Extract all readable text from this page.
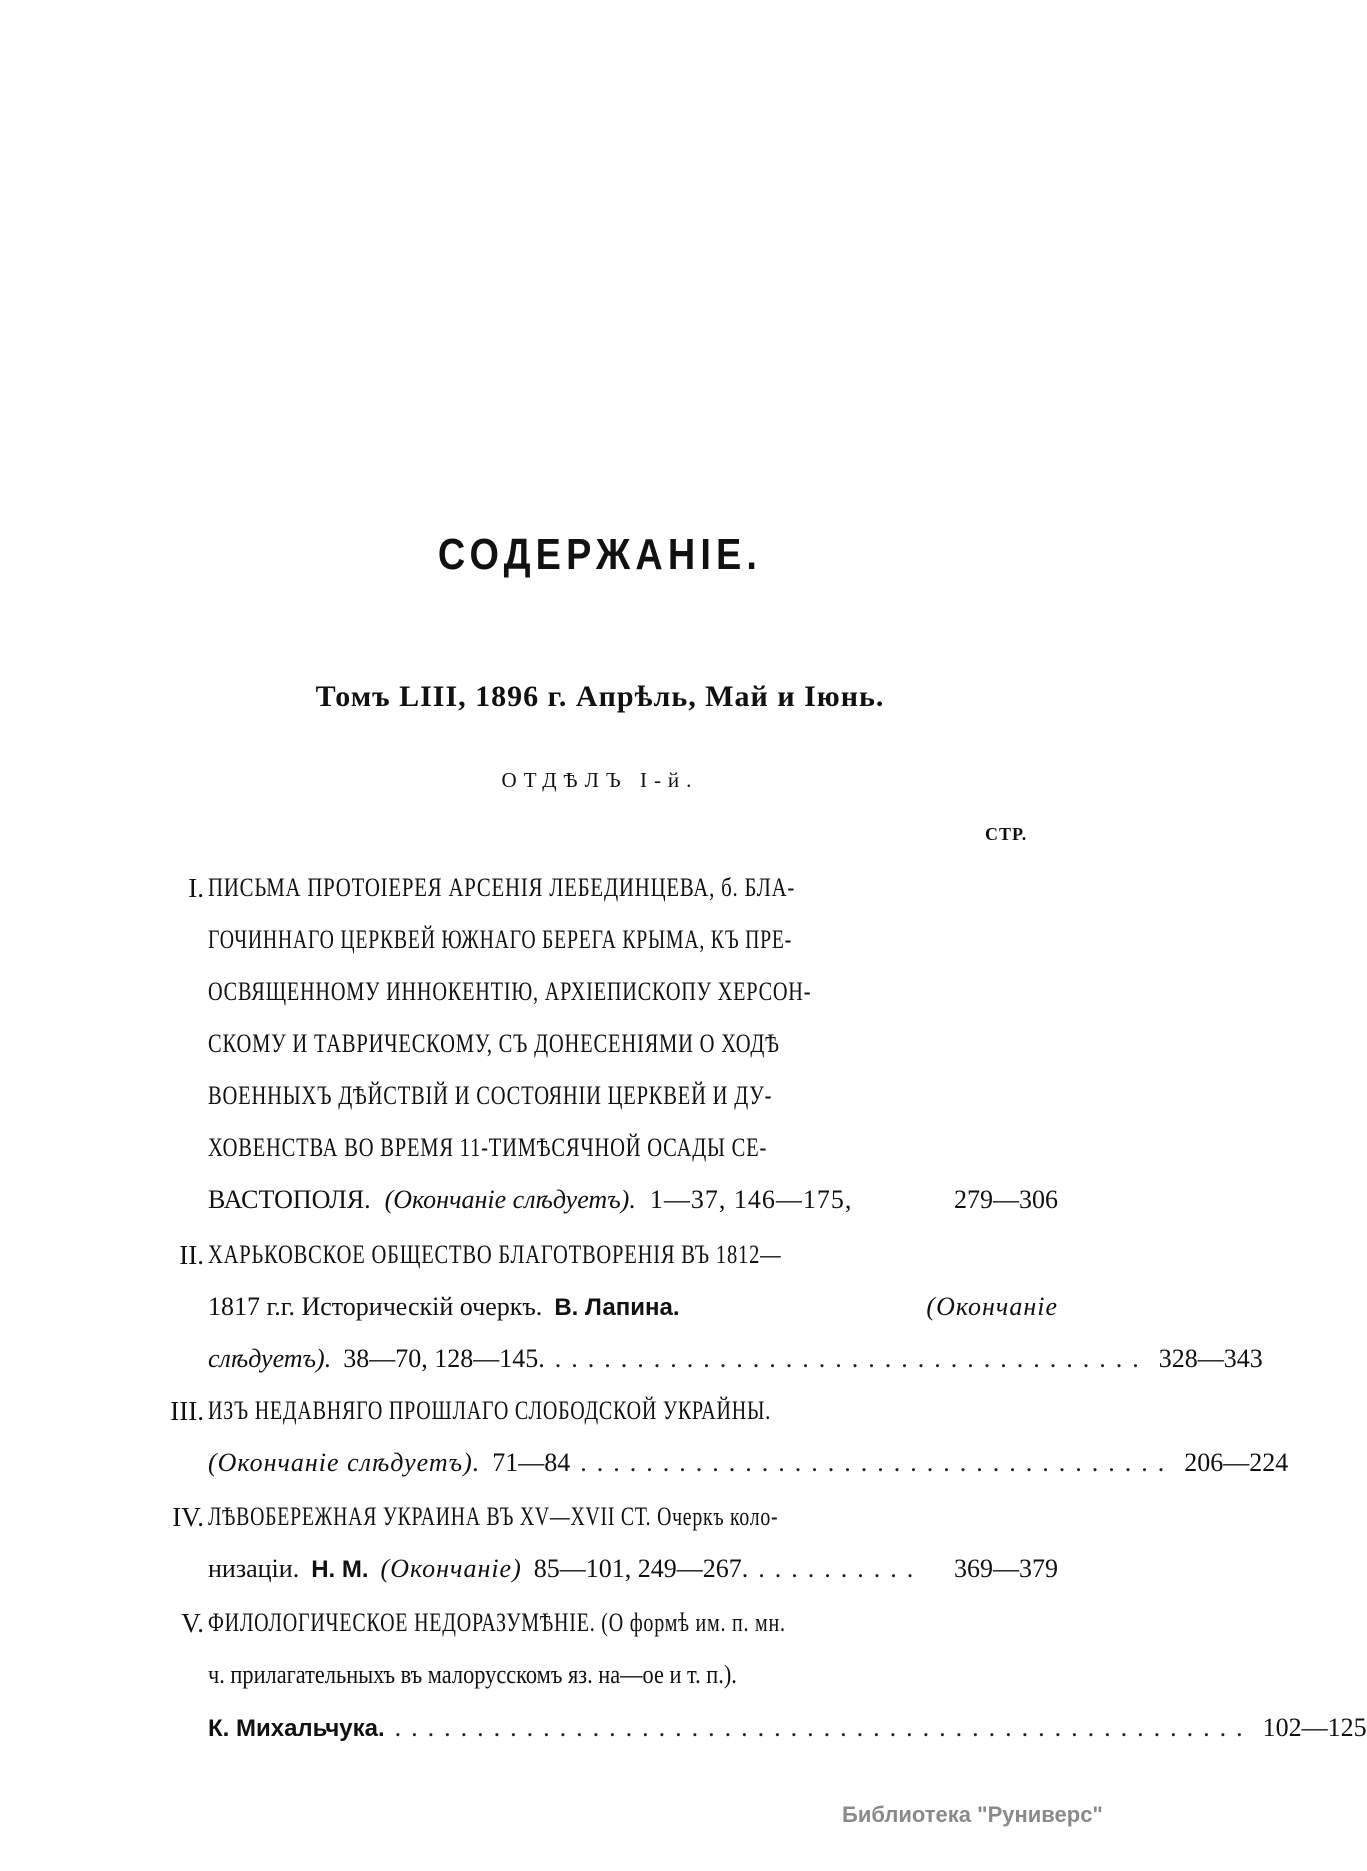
СОДЕРЖАНІЕ.
Томъ LIII, 1896 г. Апрѣль, Май и Іюнь.
ОТДѢЛЪ I-й.
СТР.
I. ПИСЬМА ПРОТОІЕРЕЯ АРСЕНІЯ ЛЕБЕДИНЦЕВА, б. БЛА-
ГОЧИННАГО ЦЕРКВЕЙ ЮЖНАГО БЕРЕГА КРЫМА, КЪ ПРЕ-
ОСВЯЩЕННОМУ ИННОКЕНТІЮ, АРХІЕПИСКОПУ ХЕРСОН-
СКОМУ И ТАВРИЧЕСКОМУ, СЪ ДОНЕСЕНІЯМИ О ХОДѢ
ВОЕННЫХЪ ДѢЙСТВІЙ И СОСТОЯНІИ ЦЕРКВЕЙ И ДУ-
ХОВЕНСТВА ВО ВРЕМЯ 11-ТИМѢСЯЧНОЙ ОСАДЫ СЕ-
ВАСТОПОЛЯ. (Окончаніе слѣдуетъ). 1—37, 146—175,	279—306
II. ХАРЬКОВСКОЕ ОБЩЕСТВО БЛАГОТВОРЕНІЯ ВЪ 1812—
1817 г.г. Историческій очеркъ. В. Лапина.	(Окончаніе
слѣдуетъ). 38—70, 128—145. .................................... 328—343
III. ИЗЪ НЕДАВНЯГО ПРОШЛАГО СЛОБОДСКОЙ УКРАЙНЫ.
(Окончаніе слѣдуетъ). 71—84 .................................... 206—224
IV. ЛѢВОБЕРЕЖНАЯ УКРАИНА ВЪ XV—XVII СТ. Очеркъ коло-
низаціи. Н. М. (Окончаніе) 85—101, 249—267. ..........	369—379
V. ФИЛОЛОГИЧЕСКОЕ НЕДОРАЗУМѢНІЕ. (О формѣ им. п. мн.
ч. прилагательныхъ въ малорусскомъ яз. на—ое и т. п.).
К. Михальчука. .................................................... 102—125
Библиотека "Руниверс"
